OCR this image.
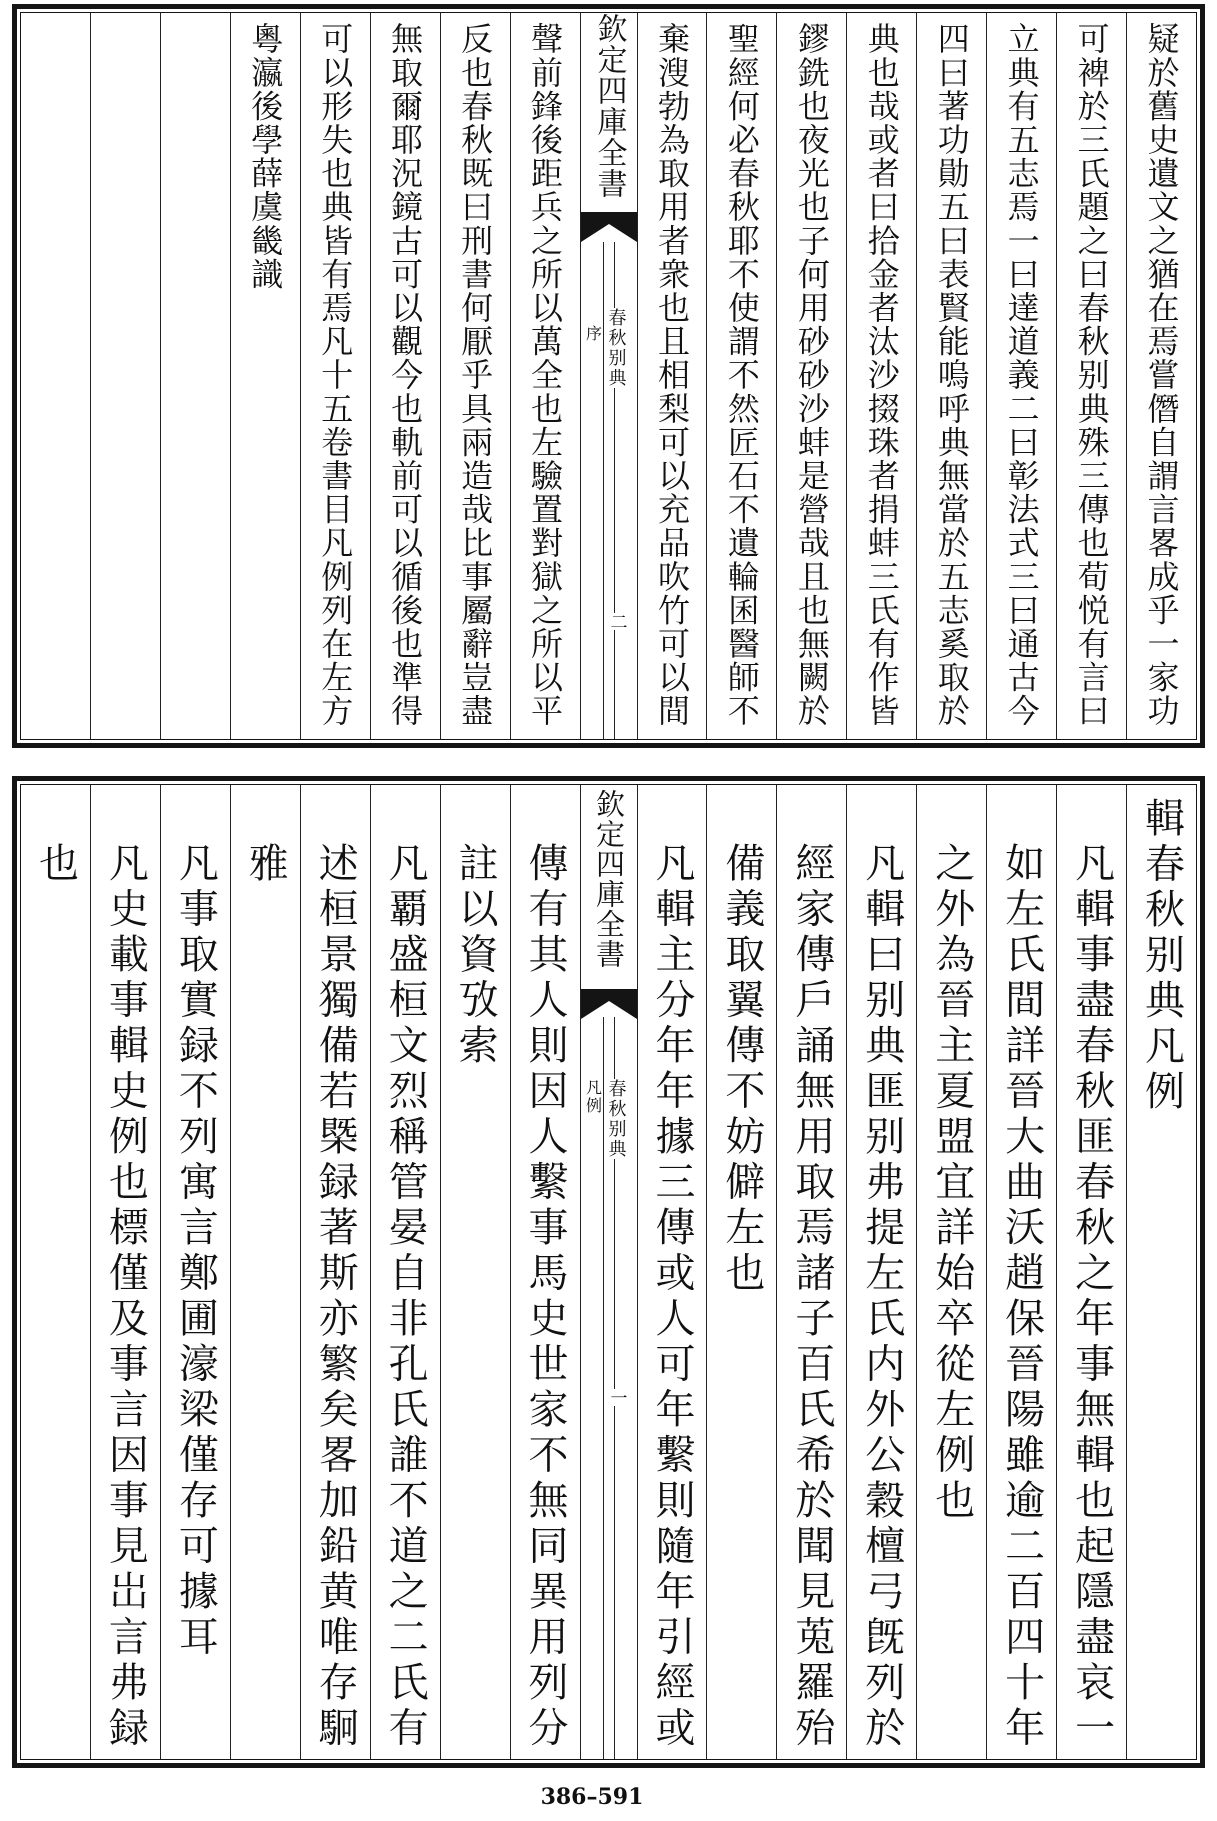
疑於舊史遺文之猶在焉嘗僭自謂言畧成乎一家功
可裨於三氏題之曰春秋别典殊三傳也荀悦有言曰
立典有五志焉一曰達道義二曰彰法式三曰通古今
四曰著功勛五曰表賢能嗚呼典無當於五志奚取於
典也哉或者曰拾金者汰沙掇珠者捐蚌三氏有作皆
鏐銑也夜光也子何用砂砂沙蚌是營哉且也無闕於
聖經何必春秋耶不使謂不然匠石不遺輪囷醫師不
棄溲勃為取用者衆也且相梨可以充品吹竹可以間
欽定四庫全書
春秋别典
序
二
聲前鋒後距兵之所以萬全也左驗置對獄之所以平
反也春秋既曰刑書何厭乎具兩造哉比事屬辭豈盡
無取爾耶況鏡古可以觀今也軌前可以循後也準得
可以形失也典皆有焉凡十五卷書目凡例列在左方
粵瀛後學薛虞畿識
輯春秋别典凡例
凡輯事盡春秋匪春秋之年事無輯也起隱盡哀一
如左氏間詳晉大曲沃趙保晉陽雖逾二百四十年
之外為晉主夏盟宜詳始卒從左例也
凡輯曰别典匪别弗提左氏内外公穀檀弓旣列於
經家傳戶誦無用取焉諸子百氏希於聞見莵羅殆
備義取翼傳不妨僻左也
凡輯主分年年據三傳或人可年繫則隨年引經或
欽定四庫全書
春秋别典
凡例
一
傳有其人則因人繫事馬史世家不無同異用列分
註以資攷索
凡覇盛桓文烈稱管晏自非孔氏誰不道之二氏有
述桓景獨備若槩録著斯亦繁矣畧加鉛黄唯存駉
雅
凡事取實録不列寓言鄭圃濠梁僅存可據耳
凡史載事輯史例也標僅及事言因事見岀言弗録
也
386–591
